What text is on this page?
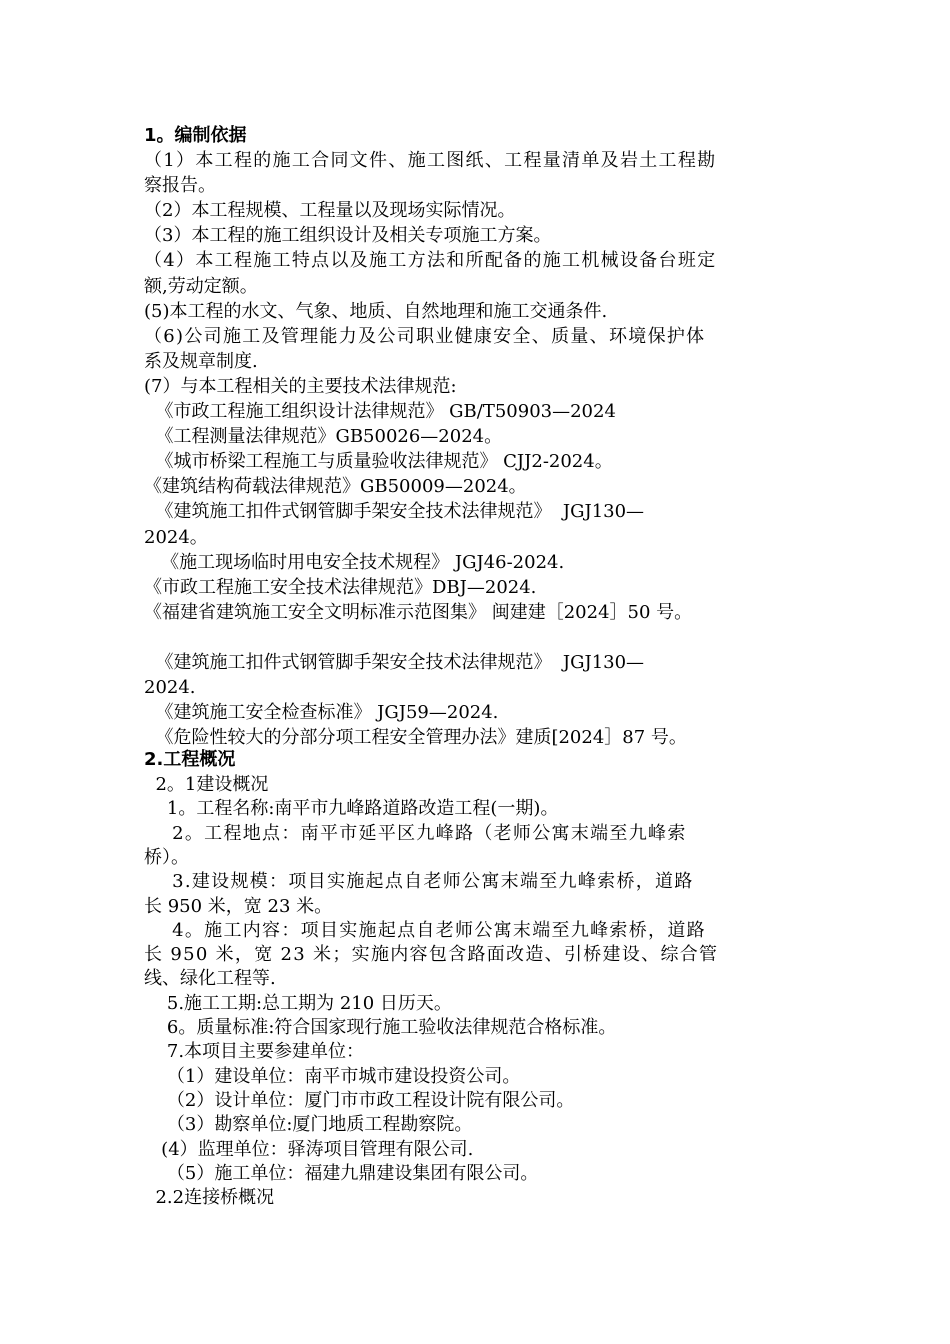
1。编制依据
（1）本工程的施工合同文件、施工图纸、工程量清单及岩土工程勘
察报告。
（2）本工程规模、工程量以及现场实际情况。
（3）本工程的施工组织设计及相关专项施工方案。
（4）本工程施工特点以及施工方法和所配备的施工机械设备台班定
额,劳动定额。
(5)本工程的水文、气象、地质、自然地理和施工交通条件.
（6)公司施工及管理能力及公司职业健康安全、质量、环境保护体
系及规章制度.
(7）与本工程相关的主要技术法律规范:
《市政工程施工组织设计法律规范》 GB/T50903—2024
《工程测量法律规范》GB50026—2024。
《城市桥梁工程施工与质量验收法律规范》 CJJ2-2024。
《建筑结构荷载法律规范》GB50009—2024。
《建筑施工扣件式钢管脚手架安全技术法律规范》  JGJ130—
2024。
《施工现场临时用电安全技术规程》 JGJ46-2024.
《市政工程施工安全技术法律规范》DBJ—2024.
《福建省建筑施工安全文明标准示范图集》 闽建建［2024］50 号。
《建筑施工扣件式钢管脚手架安全技术法律规范》  JGJ130—
2024.
《建筑施工安全检查标准》 JGJ59—2024.
《危险性较大的分部分项工程安全管理办法》建质[2024］87 号。
2.工程概况
2。1建设概况
1。工程名称:南平市九峰路道路改造工程(一期)。
2。工程地点：南平市延平区九峰路（老师公寓末端至九峰索
桥）。
3.建设规模：项目实施起点自老师公寓末端至九峰索桥，道路
长 950 米，宽 23 米。
4。施工内容：项目实施起点自老师公寓末端至九峰索桥，道路
长 950 米，宽 23 米；实施内容包含路面改造、引桥建设、综合管
线、绿化工程等.
5.施工工期:总工期为 210 日历天。
6。质量标准:符合国家现行施工验收法律规范合格标准。
7.本项目主要参建单位：
（1）建设单位：南平市城市建设投资公司。
（2）设计单位：厦门市市政工程设计院有限公司。
（3）勘察单位:厦门地质工程勘察院。
(4）监理单位：驿涛项目管理有限公司.
（5）施工单位：福建九鼎建设集团有限公司。
2.2连接桥概况
